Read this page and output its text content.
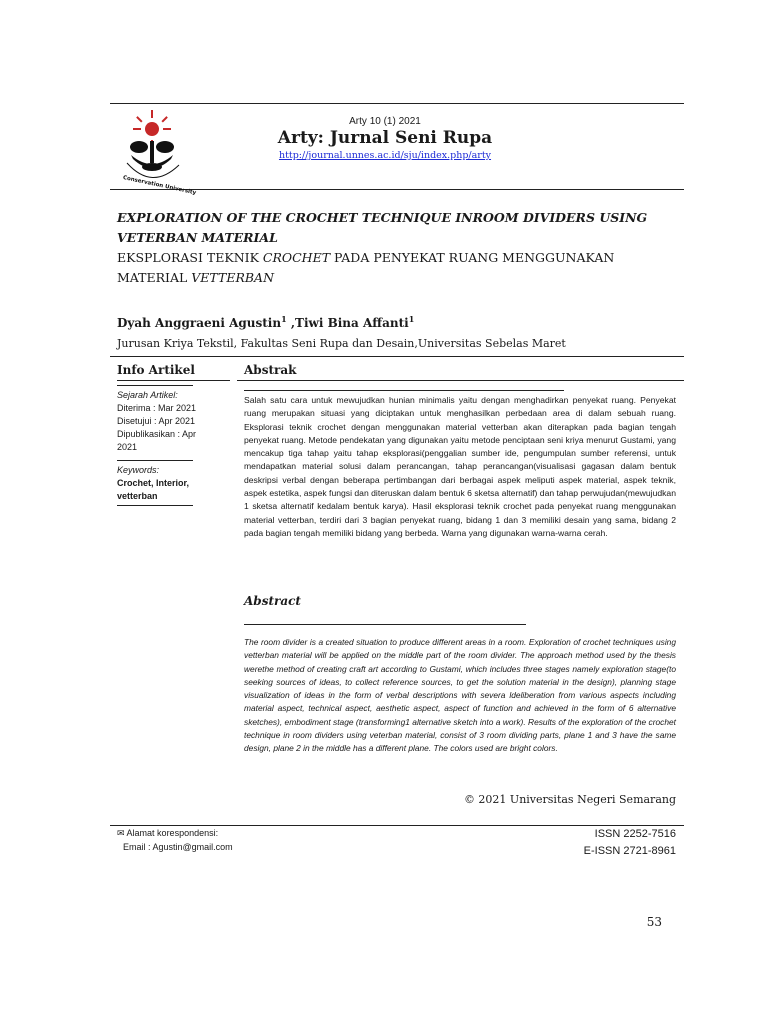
Conservation University
Arty 10 (1) 2021
Arty: Jurnal Seni Rupa
http://journal.unnes.ac.id/sju/index.php/arty
EXPLORATION OF THE CROCHET TECHNIQUE INROOM DIVIDERS USING VETERBAN MATERIAL
EKSPLORASI TEKNIK CROCHET PADA PENYEKAT RUANG MENGGUNAKAN MATERIAL VETTERBAN
Dyah Anggraeni Agustin$^1$ ,Tiwi Bina Affanti$^1$
Jurusan Kriya Tekstil, Fakultas Seni Rupa dan Desain,Universitas Sebelas Maret
Info Artikel
Sejarah Artikel:
Diterima : Mar 2021
Disetujui : Apr 2021
Dipublikasikan : Apr 2021
Keywords:
Crochet, Interior, vetterban
Abstrak
Salah satu cara untuk mewujudkan hunian minimalis yaitu dengan menghadirkan penyekat ruang. Penyekat ruang merupakan situasi yang diciptakan untuk menghasilkan perbedaan area di dalam sebuah ruang. Eksplorasi teknik crochet dengan menggunakan material vetterban akan diterapkan pada bagian tengah penyekat ruang. Metode pendekatan yang digunakan yaitu metode penciptaan seni kriya menurut Gustami, yang mencakup tiga tahap yaitu tahap eksplorasi(penggalian sumber ide, pengumpulan sumber referensi, untuk mendapatkan material solusi dalam perancangan, tahap perancangan(visualisasi gagasan dalam bentuk deskripsi verbal dengan beberapa pertimbangan dari berbagai aspek meliputi aspek material, aspek teknik, aspek estetika, aspek fungsi dan diteruskan dalam bentuk 6 sketsa alternatif) dan tahap perwujudan(mewujudkan 1 sketsa alternatif kedalam bentuk karya). Hasil eksplorasi teknik crochet pada penyekat ruang menggunakan material vetterban, terdiri dari 3 bagian penyekat ruang, bidang 1 dan 3 memiliki desain yang sama, bidang 2 pada bagian tengah memiliki bidang yang berbeda. Warna yang digunakan warna-warna cerah.
Abstract
The room divider is a created situation to produce different areas in a room. Exploration of crochet techniques using vetterban material will be applied on the middle part of the room divider. The approach method used by the thesis werethe method of creating craft art according to Gustami, which includes three stages namely exploration stage(to seeking sources of ideas, to collect reference sources, to get the solution material in the design), planning stage visualization of ideas in the form of verbal descriptions with severa ldeliberation from various aspects including material aspect, technical aspect, aesthetic aspect, aspect of function and achieved in the form of 6 alternative sketches), embodiment stage (transforming1 alternative sketch into a work). Results of the exploration of the crochet technique in room dividers using veterban material, consist of 3 room dividing parts, plane 1 and 3 have the same design, plane 2 in the middle has a different plane. The colors used are bright colors.
© 2021 Universitas Negeri Semarang
✉ Alamat korespondensi:
Email : Agustin@gmail.com
ISSN 2252-7516
E-ISSN 2721-8961
53
